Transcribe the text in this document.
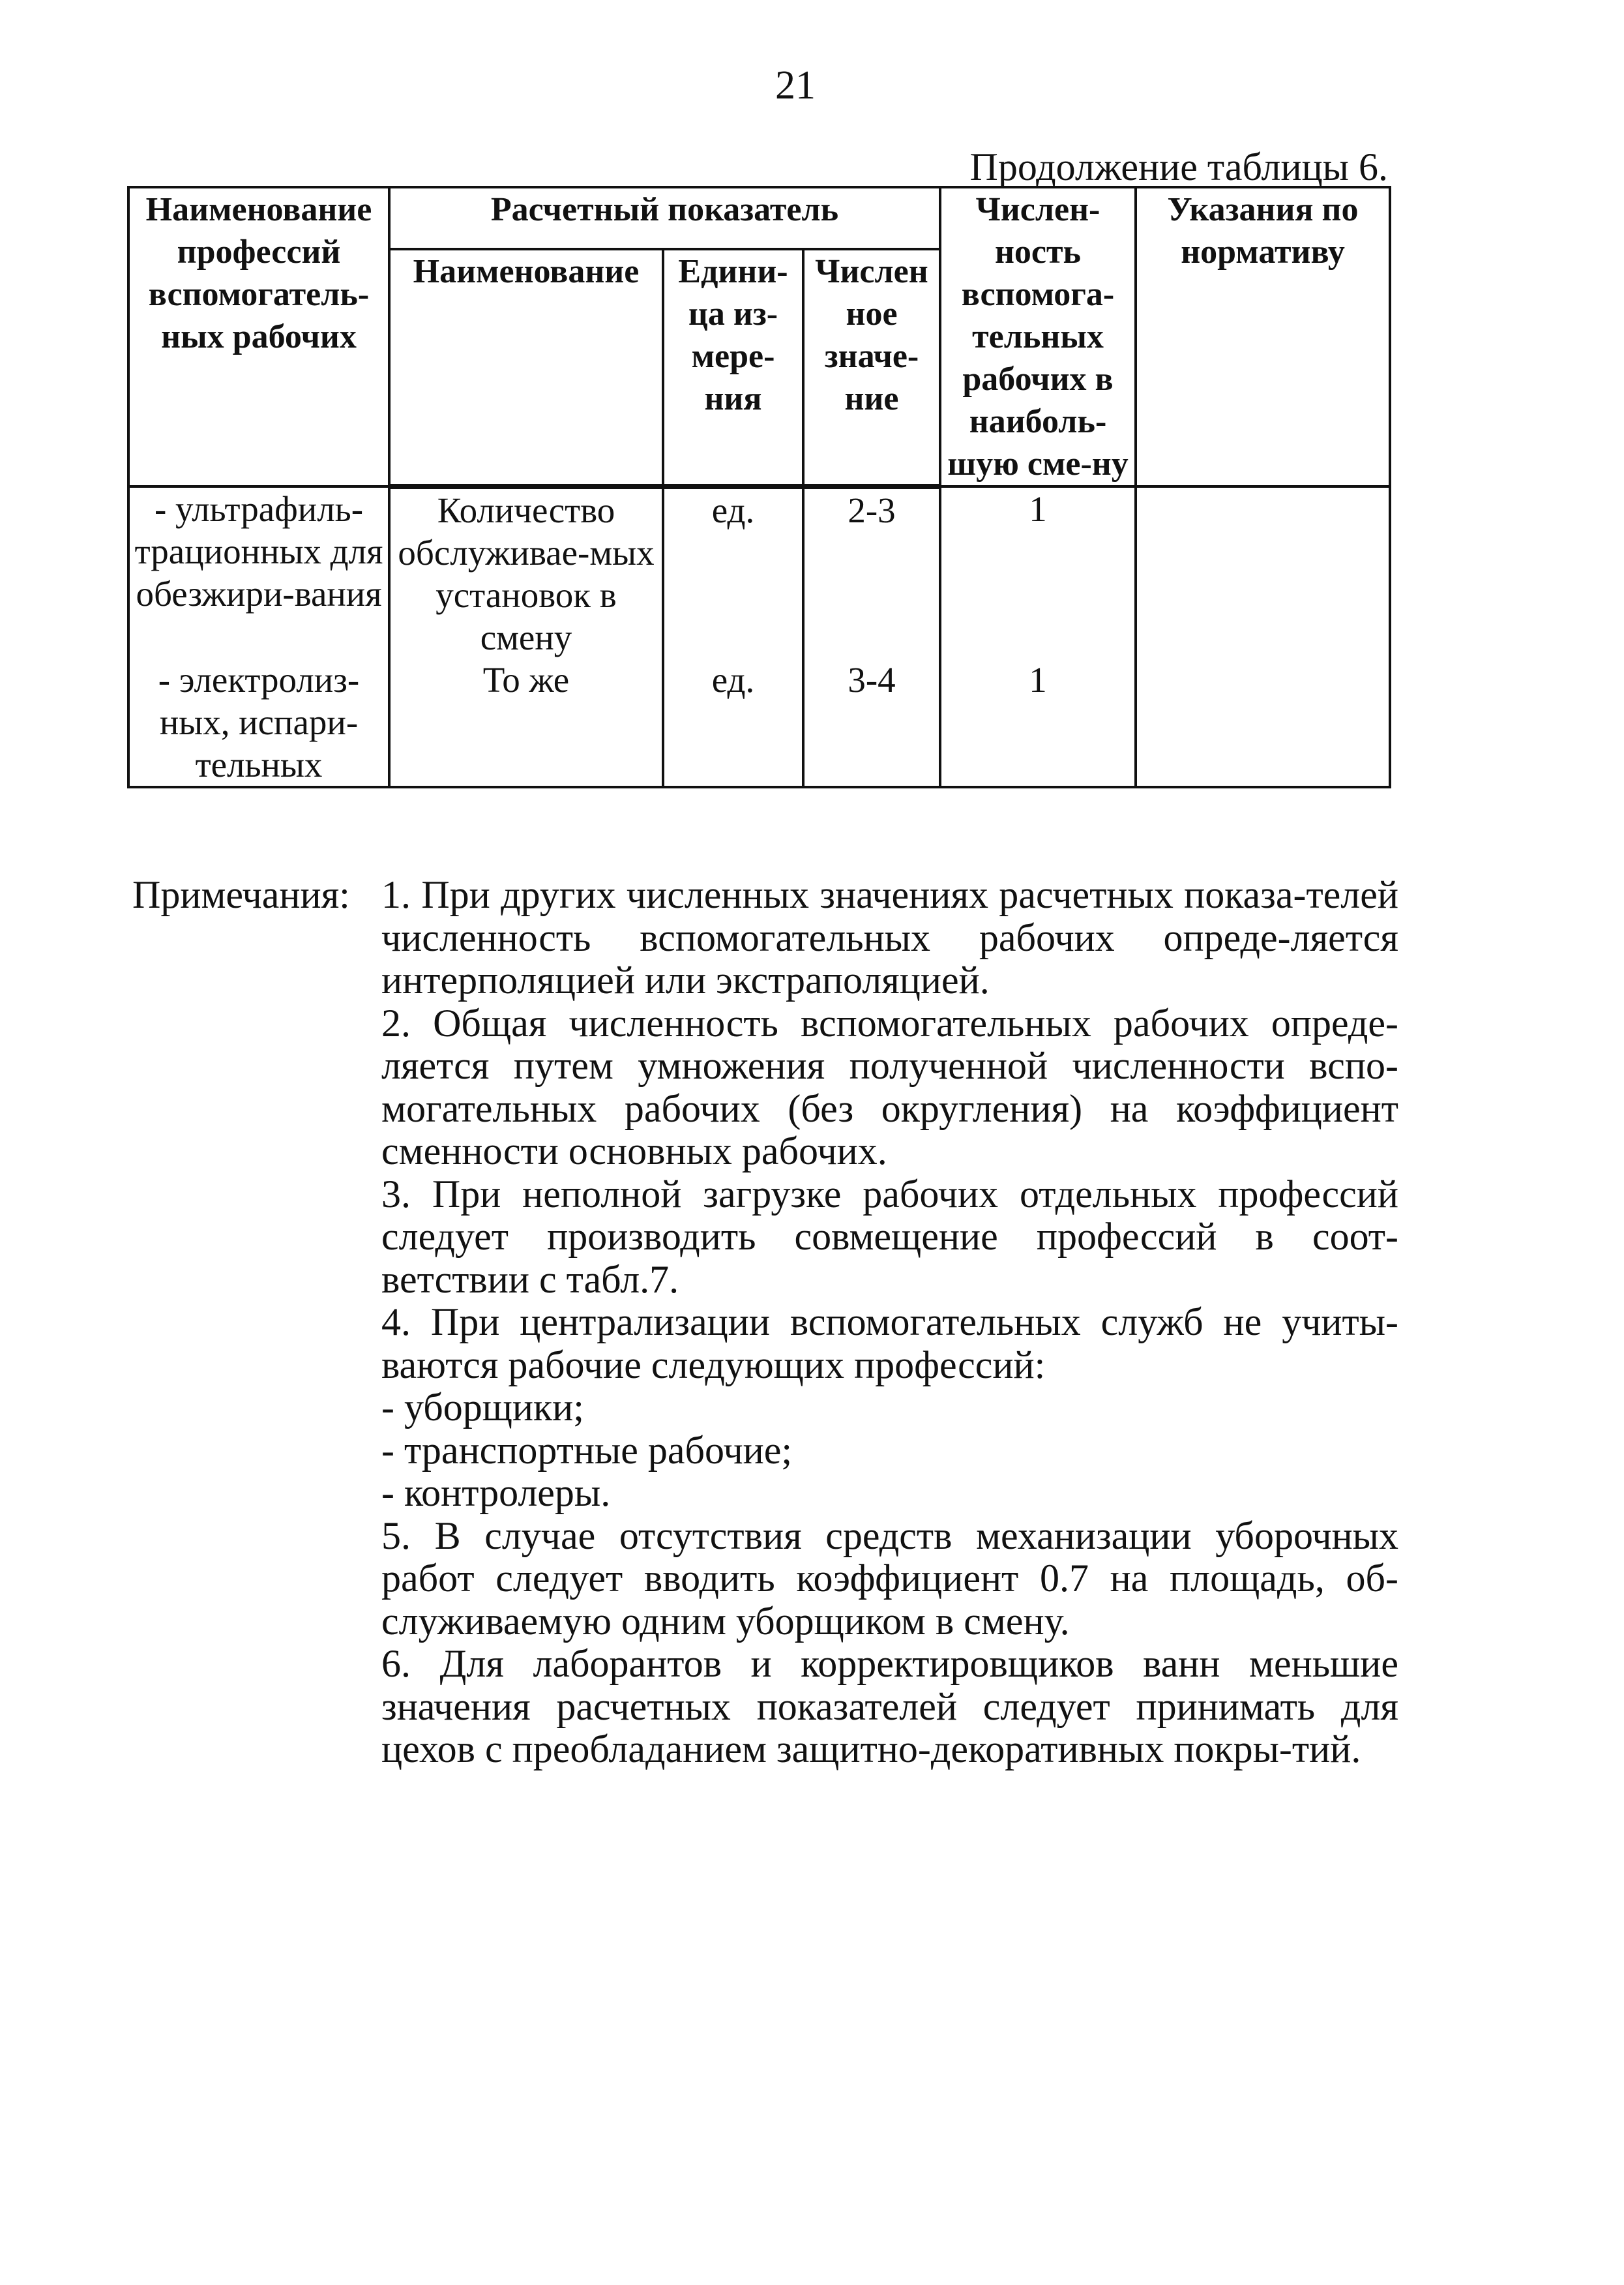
21
Продолжение таблицы 6.
Наименование профессий вспомогатель-ных рабочих	Расчетный показатель			Числен-ность вспомога-тельных рабочих в наиболь-шую сме-ну	Указания по нормативу
	Наименование	Едини-ца из-мере-ния	Числен ное значе-ние		
- ультрафиль-трационных для обезжири-вания	Количество обслуживае-мых установок в смену	ед.	2-3	1	
- электролиз-ных, испари-тельных	То же	ед.	3-4	1	
Примечания: 1. При других численных значениях расчетных показа-телей численность вспомогательных рабочих опреде-ляется интерполяцией или экстраполяцией.

2. Общая численность вспомогательных рабочих опреде-ляется путем умножения полученной численности вспо-могательных рабочих (без округления) на коэффициент сменности основных рабочих.

3. При неполной загрузке рабочих отдельных профессий следует производить совмещение профессий в соот-ветствии с табл.7.

4. При централизации вспомогательных служб не учиты-ваются рабочие следующих профессий:

- уборщики;

- транспортные рабочие;

- контролеры.

5. В случае отсутствия средств механизации уборочных работ следует вводить коэффициент 0.7 на площадь, об-служиваемую одним уборщиком в смену.

6. Для лаборантов и корректировщиков ванн меньшие значения расчетных показателей следует принимать для цехов с преобладанием защитно-декоративных покры-тий.
